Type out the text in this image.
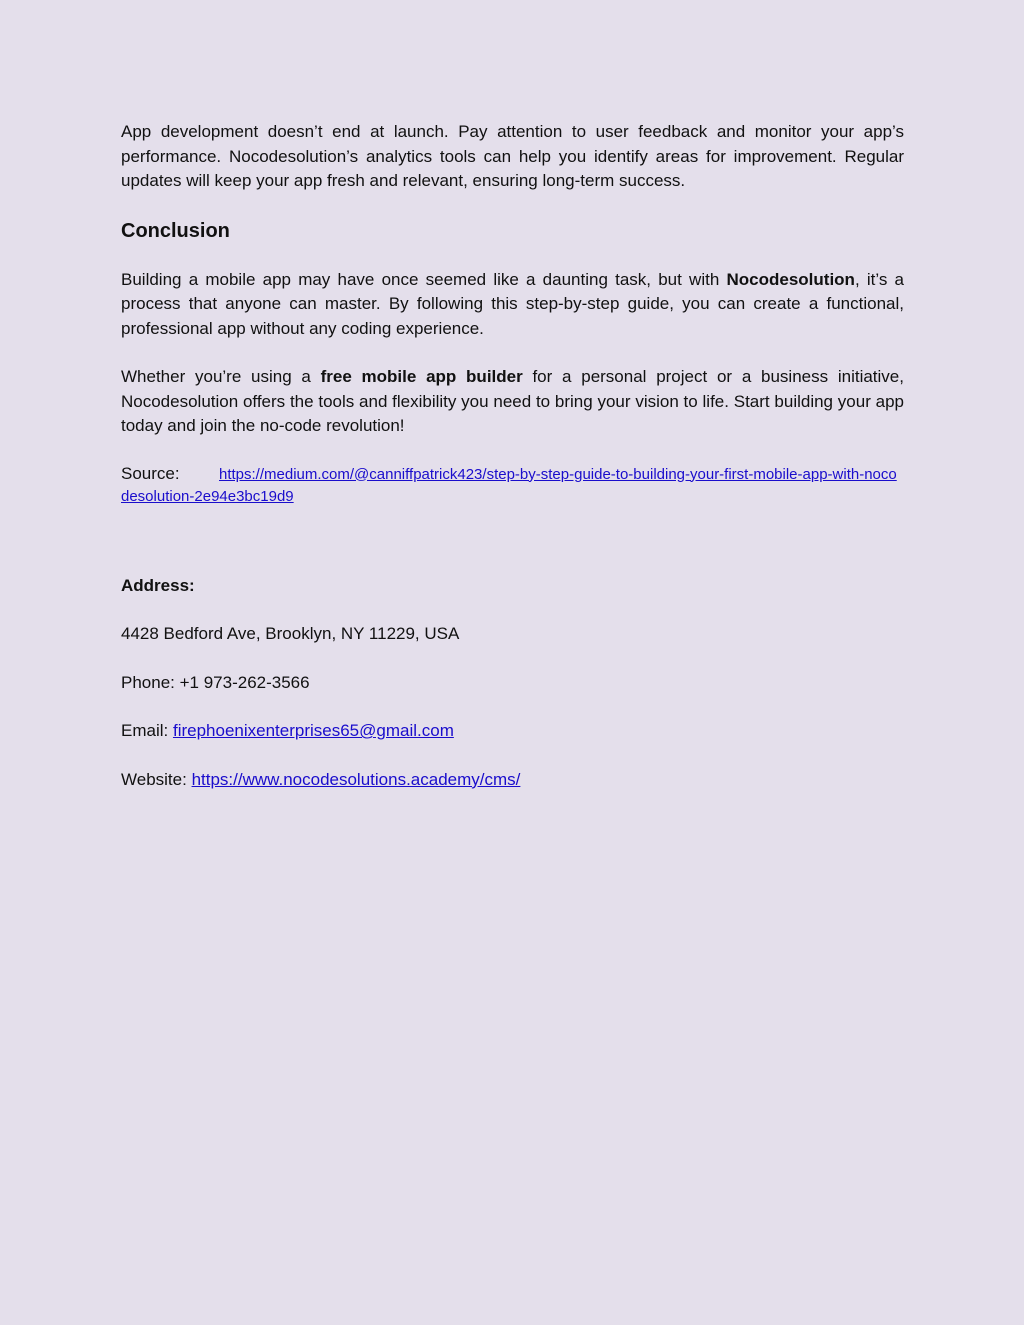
App development doesn’t end at launch. Pay attention to user feedback and monitor your app’s performance. Nocodesolution’s analytics tools can help you identify areas for improvement. Regular updates will keep your app fresh and relevant, ensuring long-term success.

Conclusion

Building a mobile app may have once seemed like a daunting task, but with Nocodesolution, it’s a process that anyone can master. By following this step-by-step guide, you can create a functional, professional app without any coding experience.

Whether you’re using a free mobile app builder for a personal project or a business initiative, Nocodesolution offers the tools and flexibility you need to bring your vision to life. Start building your app today and join the no-code revolution!

Source:	https://medium.com/@canniffpatrick423/step-by-step-guide-to-building-your-first-mobile-app-with-nocodesolution-2e94e3bc19d9

Address:
4428 Bedford Ave, Brooklyn, NY 11229, USA
Phone: +1 973-262-3566
Email: firephoenixenterprises65@gmail.com
Website: https://www.nocodesolutions.academy/cms/
